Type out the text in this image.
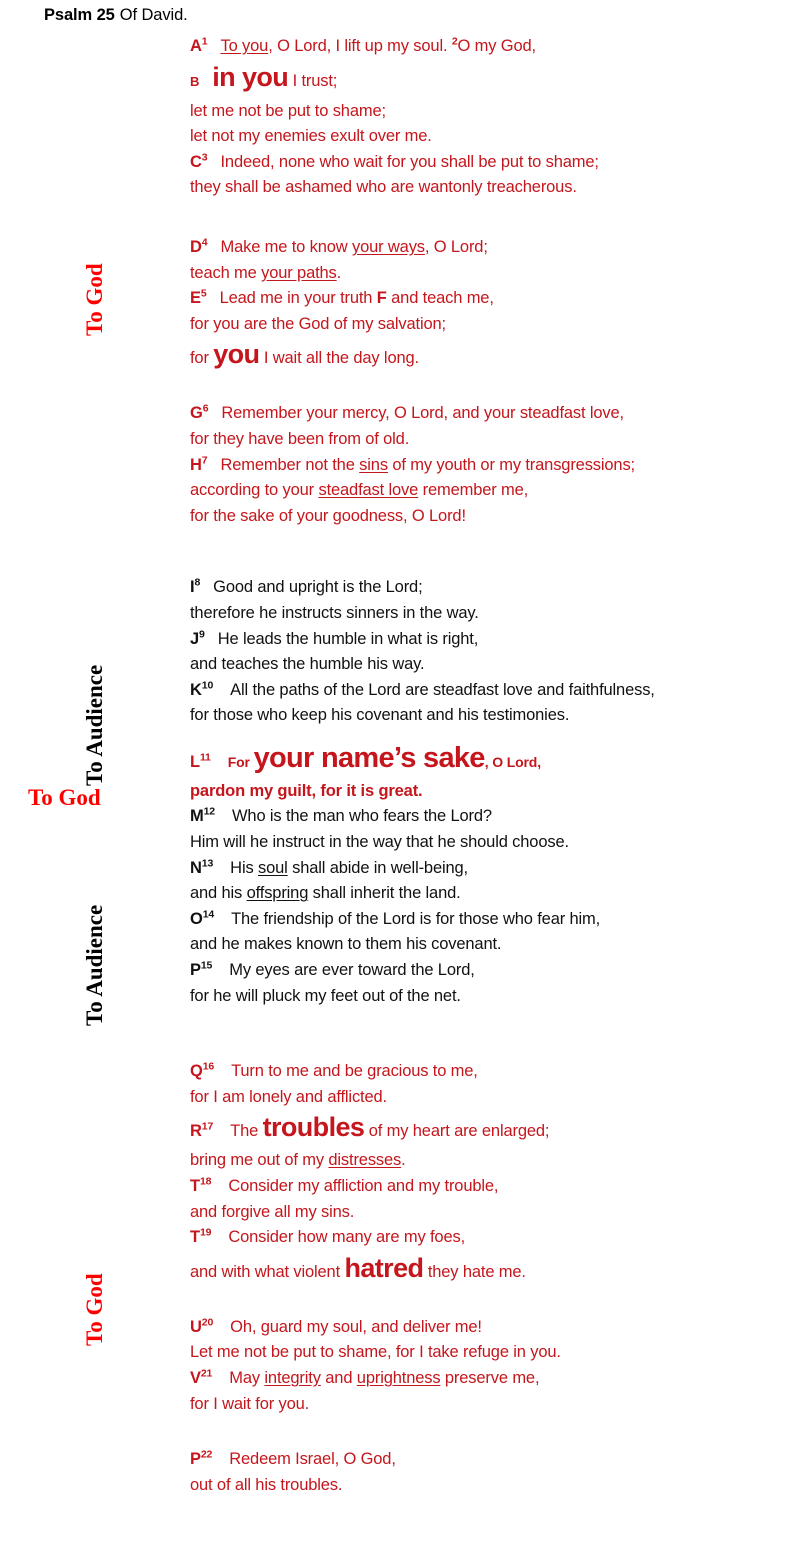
Psalm 25 Of David.
To God
To Audience
To God
To Audience
To God
$A^1$ To you, O Lord, I lift up my soul. $^2$O my God,
B in you I trust;
let me not be put to shame;
let not my enemies exult over me.
$C^3$ Indeed, none who wait for you shall be put to shame;
they shall be ashamed who are wantonly treacherous.
$D^4$ Make me to know your ways, O Lord;
teach me your paths.
$E^5$ Lead me in your truth F and teach me,
for you are the God of my salvation;
for you I wait all the day long.
$G^6$ Remember your mercy, O Lord, and your steadfast love,
for they have been from of old.
$H^7$ Remember not the sins of my youth or my transgressions;
according to your steadfast love remember me,
for the sake of your goodness, O Lord!
$I^8$ Good and upright is the Lord;
therefore he instructs sinners in the way.
$J^9$ He leads the humble in what is right,
and teaches the humble his way.
$K^{10}$ All the paths of the Lord are steadfast love and faithfulness,
for those who keep his covenant and his testimonies.
$L^{11}$ For your name’s sake, O Lord,
pardon my guilt, for it is great.
$M^{12}$ Who is the man who fears the Lord?
Him will he instruct in the way that he should choose.
$N^{13}$ His soul shall abide in well-being,
and his offspring shall inherit the land.
$O^{14}$ The friendship of the Lord is for those who fear him,
and he makes known to them his covenant.
$P^{15}$ My eyes are ever toward the Lord,
for he will pluck my feet out of the net.
$Q^{16}$ Turn to me and be gracious to me,
for I am lonely and afflicted.
$R^{17}$ The troubles of my heart are enlarged;
bring me out of my distresses.
$T^{18}$ Consider my affliction and my trouble,
and forgive all my sins.
$T^{19}$ Consider how many are my foes,
and with what violent hatred they hate me.
$U^{20}$ Oh, guard my soul, and deliver me!
Let me not be put to shame, for I take refuge in you.
$V^{21}$ May integrity and uprightness preserve me,
for I wait for you.
$P^{22}$ Redeem Israel, O God,
out of all his troubles.
